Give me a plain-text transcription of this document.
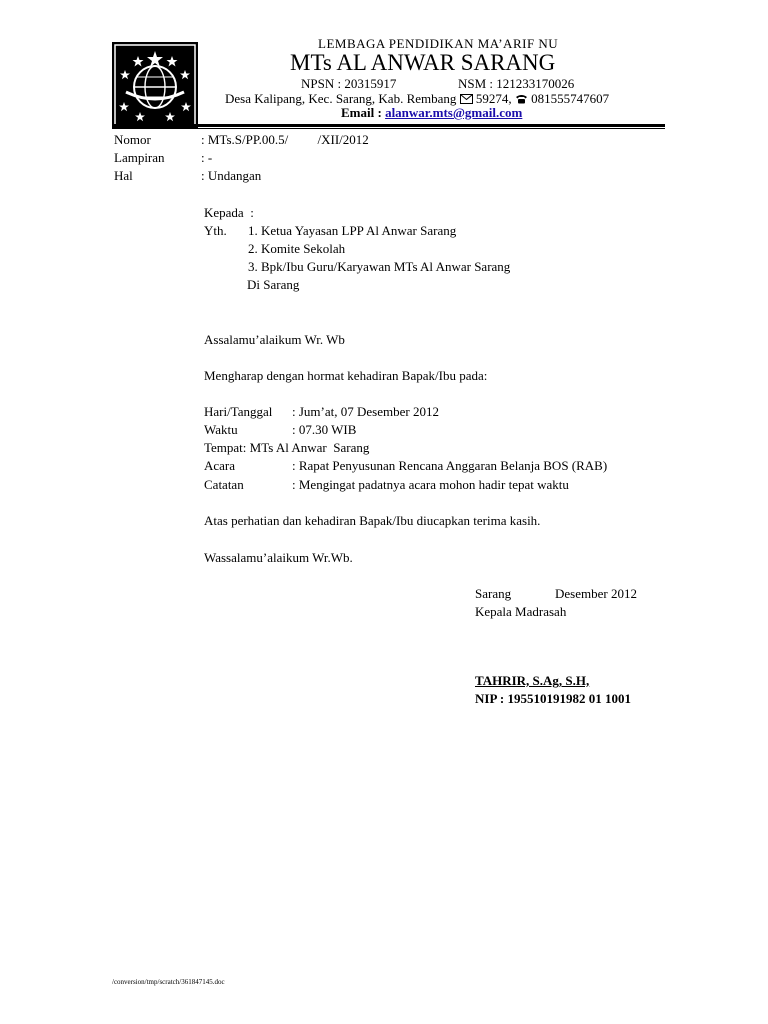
LEMBAGA PENDIDIKAN MA’ARIF NU
MTs AL ANWAR SARANG
NPSN : 20315917	NSM : 121233170026
Desa Kalipang, Kec. Sarang, Kab. Rembang 59274, 081555747607
Email : alanwar.mts@gmail.com
Nomor	: MTs.S/PP.00.5/         /XII/2012
Lampiran	: -
Hal	: Undangan
Kepada  :
Yth. 1. Ketua Yayasan LPP Al Anwar Sarang
2. Komite Sekolah
3. Bpk/Ibu Guru/Karyawan MTs Al Anwar Sarang
Di Sarang
Assalamu’alaikum Wr. Wb
Mengharap dengan hormat kehadiran Bapak/Ibu pada:
Hari/Tanggal : Jum’at, 07 Desember 2012
Waktu	: 07.30 WIB
Tempat: MTs Al Anwar  Sarang
Acara	: Rapat Penyusunan Rencana Anggaran Belanja BOS (RAB)
Catatan	: Mengingat padatnya acara mohon hadir tepat waktu
Atas perhatian dan kehadiran Bapak/Ibu diucapkan terima kasih.
Wassalamu’alaikum Wr.Wb.
Sarang	Desember 2012
Kepala Madrasah
TAHRIR, S.Ag, S.H,
NIP : 195510191982 01 1001
/conversion/tmp/scratch/361847145.doc
